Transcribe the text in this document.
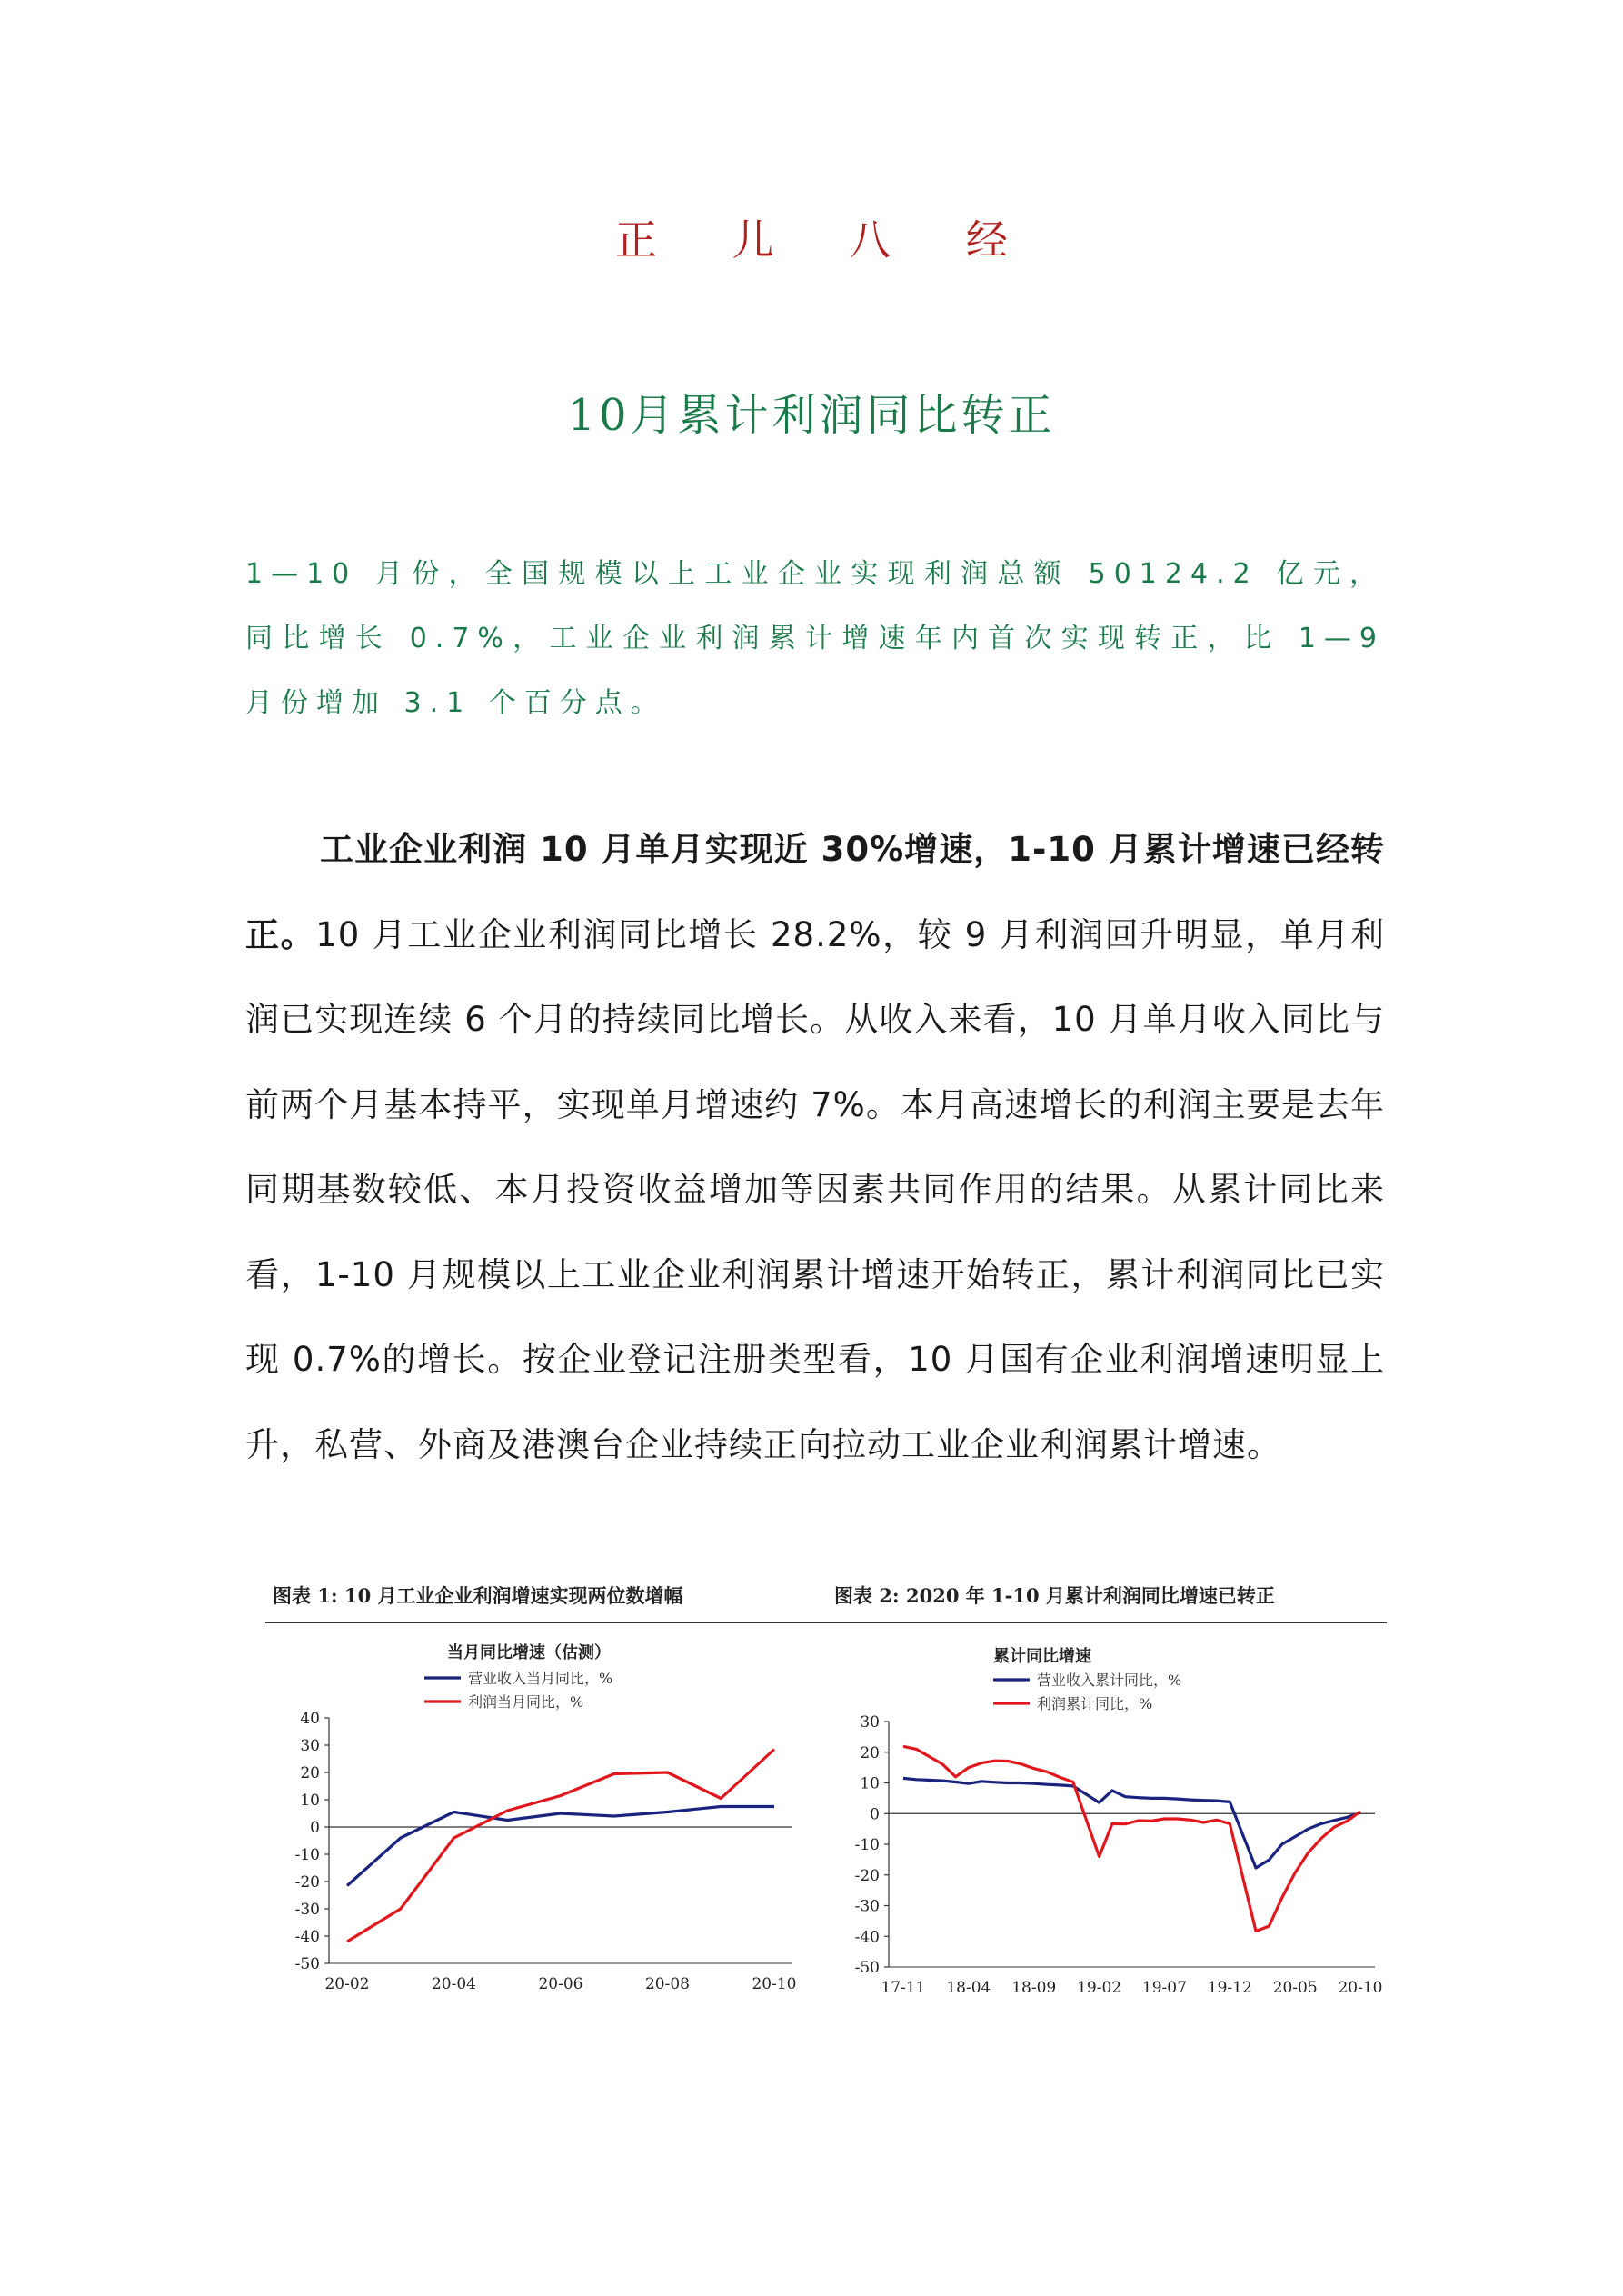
正 儿 八 经
10月累计利润同比转正
1—10 月份，全国规模以上工业企业实现利润总额 50124.2 亿元，同比增长 0.7%，工业企业利润累计增速年内首次实现转正，比 1—9 月份增加 3.1 个百分点。
工业企业利润 10 月单月实现近 30%增速，1-10 月累计增速已经转正。10 月工业企业利润同比增长 28.2%，较 9 月利润回升明显，单月利润已实现连续 6 个月的持续同比增长。从收入来看，10 月单月收入同比与前两个月基本持平，实现单月增速约 7%。本月高速增长的利润主要是去年同期基数较低、本月投资收益增加等因素共同作用的结果。从累计同比来看，1-10 月规模以上工业企业利润累计增速开始转正，累计利润同比已实现 0.7%的增长。按企业登记注册类型看，10 月国有企业利润增速明显上升，私营、外商及港澳台企业持续正向拉动工业企业利润累计增速。
图表 1: 10 月工业企业利润增速实现两位数增幅	图表 2: 2020 年 1-10 月累计利润同比增速已转正
40
30
20
10
0
-10
-20
-30
-40
-50
20-02	20-04	20-06	20-08	20-10
当月同比增速（估测）
营业收入当月同比，%
利润当月同比，%
30
20
10
0
-10
-20
-30
-40
-50
17-11 18-04 18-09 19-02 19-07 19-12 20-05 20-10
累计同比增速
营业收入累计同比，%
利润累计同比，%
